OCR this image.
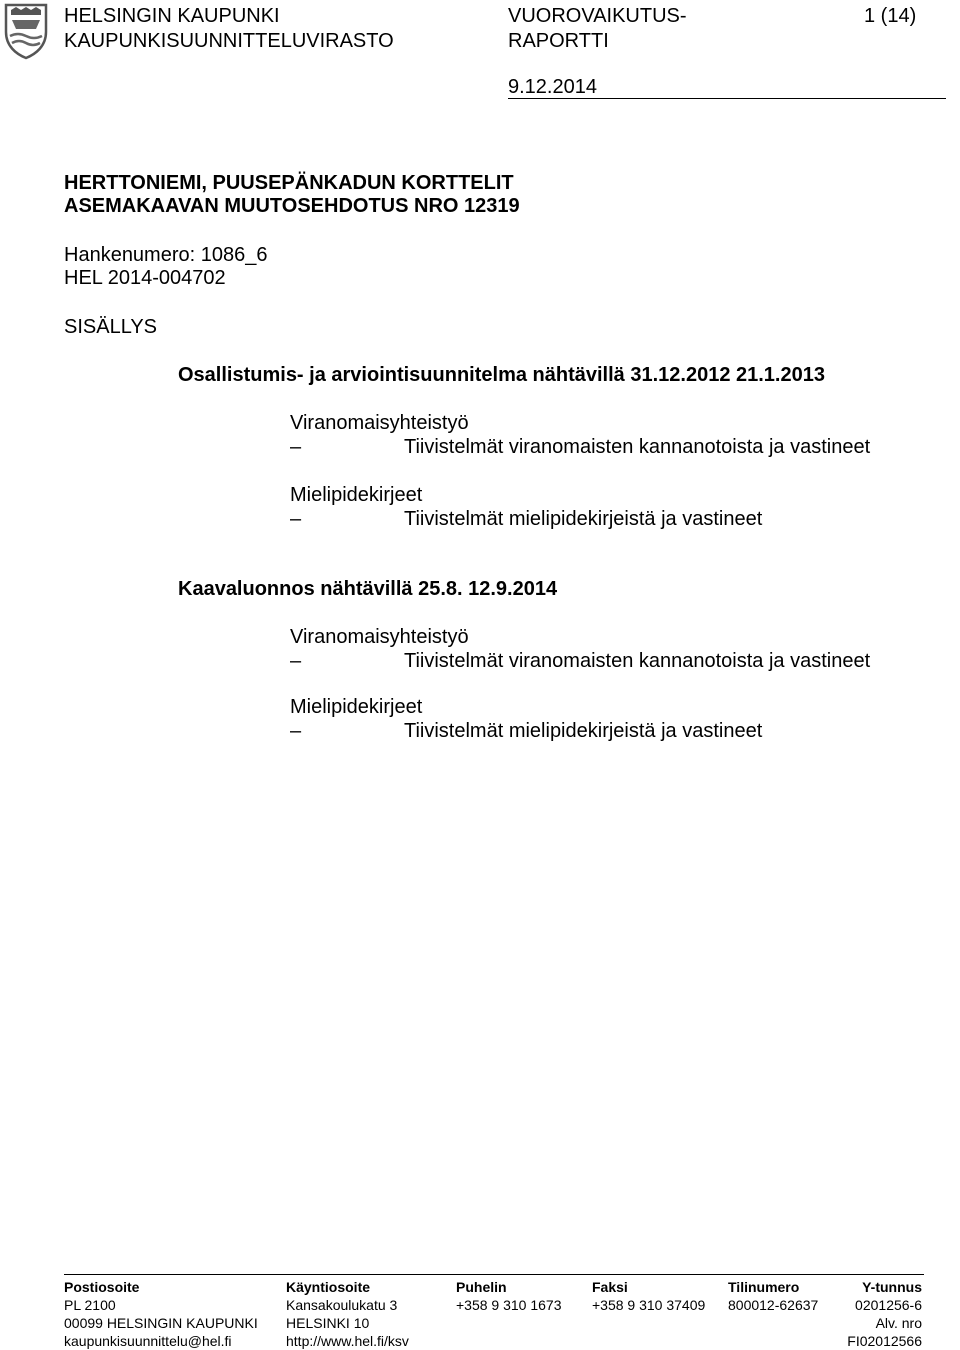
HELSINGIN KAUPUNKI
KAUPUNKISUUNNITTELUVIRASTO
VUOROVAIKUTUS-
RAPORTTI
1 (14)
9.12.2014
HERTTONIEMI, PUUSEPÄNKADUN KORTTELIT
ASEMAKAAVAN MUUTOSEHDOTUS NRO 12319
Hankenumero: 1086_6
HEL 2014-004702
SISÄLLYS
Osallistumis- ja arviointisuunnitelma nähtävillä 31.12.2012 21.1.2013
Viranomaisyhteistyö
–	Tiivistelmät viranomaisten kannanotoista ja vastineet
Mielipidekirjeet
–	Tiivistelmät mielipidekirjeistä ja vastineet
Kaavaluonnos nähtävillä 25.8. 12.9.2014
Viranomaisyhteistyö
–	Tiivistelmät viranomaisten kannanotoista ja vastineet
Mielipidekirjeet
–	Tiivistelmät mielipidekirjeistä ja vastineet
Postiosoite
PL 2100
00099 HELSINGIN KAUPUNKI
kaupunkisuunnittelu@hel.fi
Käyntiosoite
Kansakoulukatu 3
HELSINKI 10
http://www.hel.fi/ksv
Puhelin
+358 9 310 1673
Faksi
+358 9 310 37409
Tilinumero
800012-62637
Y-tunnus
0201256-6
Alv. nro
FI02012566
